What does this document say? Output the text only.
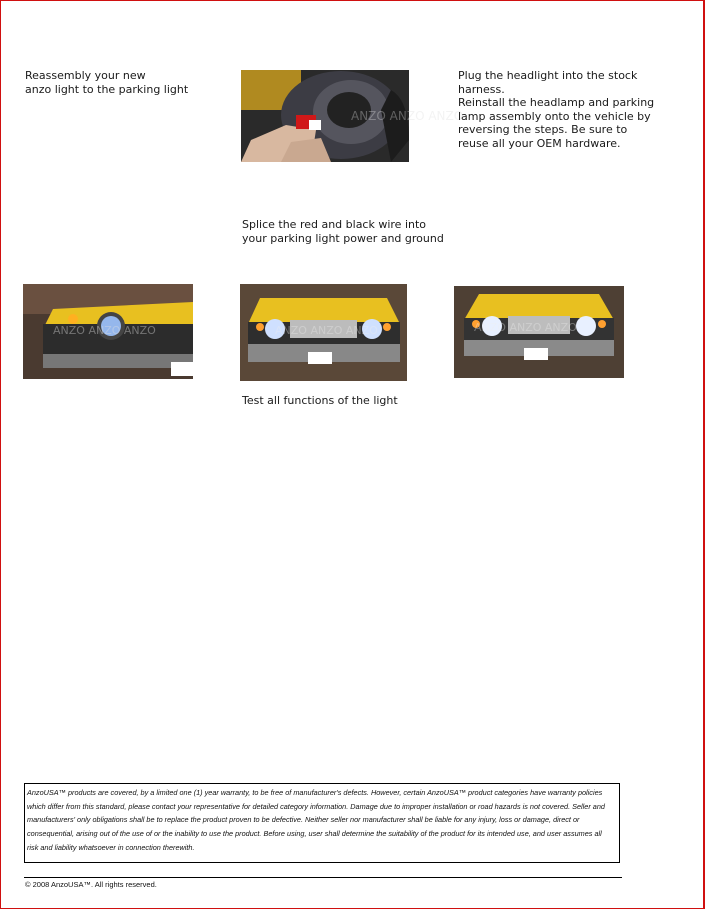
Reassembly your new
anzo light to the parking light
ANZO ANZO ANZO
Plug the headlight into the stock
harness.
Reinstall the headlamp and parking
lamp assembly onto the vehicle by
reversing the steps. Be sure to
reuse all your OEM hardware.
Splice the red and black wire into
your parking light power and ground
ANZO ANZO ANZO	ANZO ANZO ANZO	ANZO ANZO ANZO
Test all functions of the light
AnzoUSA™ products are covered, by a limited one (1) year warranty, to be free of manufacturer's defects. However, certain AnzoUSA™ product categories have warranty policies which differ from this standard, please contact your representative for detailed category information. Damage due to improper installation or road hazards is not covered. Seller and manufacturers' only obligations shall be to replace the product proven to be defective. Neither seller nor manufacturer shall be liable for any injury, loss or damage, direct or consequential, arising out of the use of or the inability to use the product. Before using, user shall determine the suitability of the product for its intended use, and user assumes all risk and liability whatsoever in connection therewith.
© 2008 AnzoUSA™. All rights reserved.
